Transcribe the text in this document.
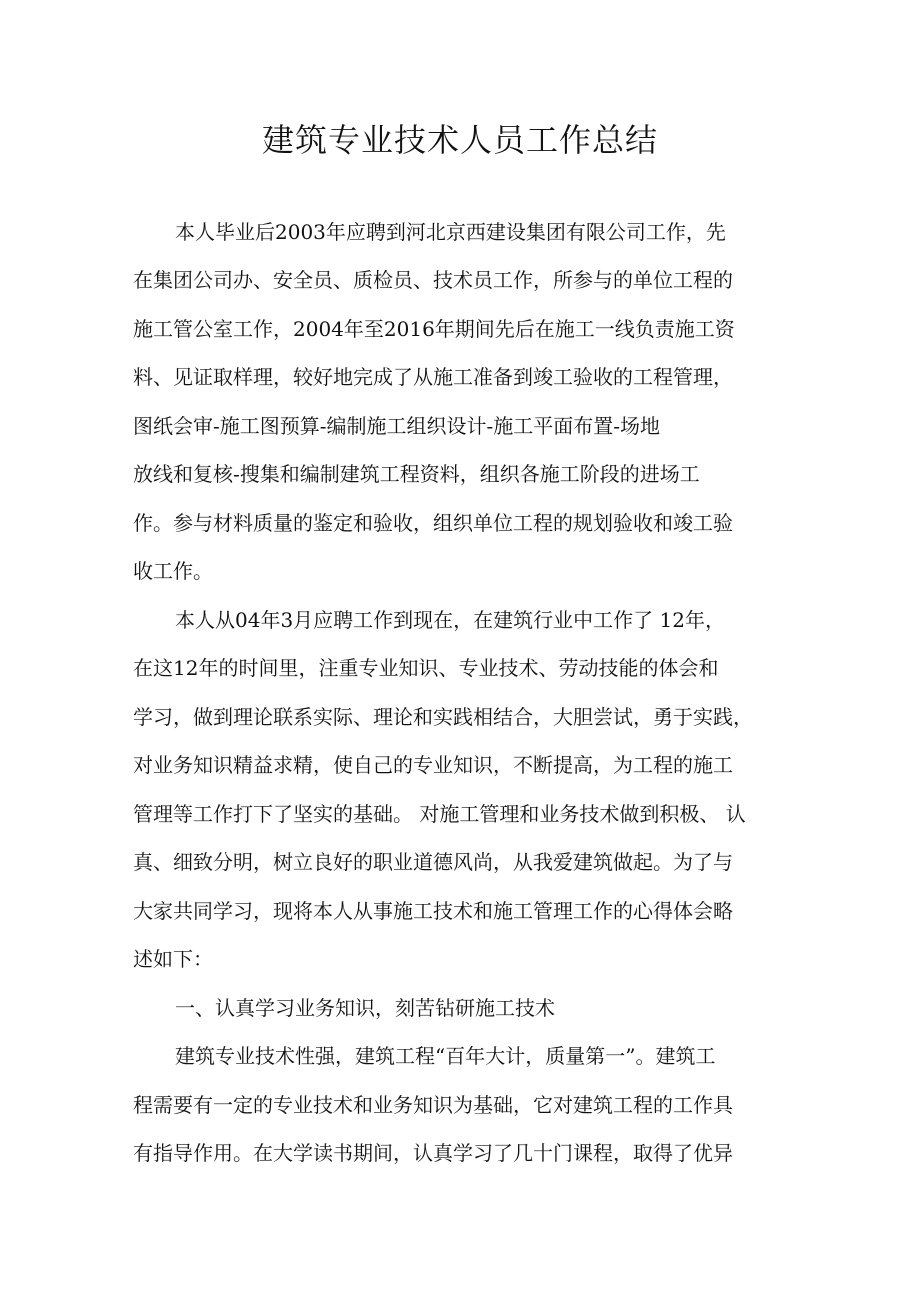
建筑专业技术人员工作总结
本人毕业后2003年应聘到河北京西建设集团有限公司工作，先
在集团公司办、安全员、质检员、技术员工作，所参与的单位工程的
施工管公室工作，2004年至2016年期间先后在施工一线负责施工资
料、见证取样理，较好地完成了从施工准备到竣工验收的工程管理，
图纸会审-施工图预算-编制施工组织设计-施工平面布置-场地
放线和复核-搜集和编制建筑工程资料，组织各施工阶段的进场工
作。参与材料质量的鉴定和验收，组织单位工程的规划验收和竣工验
收工作。
本人从04年3月应聘工作到现在，在建筑行业中工作了 12年，
在这12年的时间里，注重专业知识、专业技术、劳动技能的体会和
学习，做到理论联系实际、理论和实践相结合，大胆尝试，勇于实践，
对业务知识精益求精，使自己的专业知识，不断提高，为工程的施工
管理等工作打下了坚实的基础。 对施工管理和业务技术做到积极、 认
真、细致分明，树立良好的职业道德风尚，从我爱建筑做起。为了与
大家共同学习，现将本人从事施工技术和施工管理工作的心得体会略
述如下：
一、认真学习业务知识，刻苦钻研施工技术
建筑专业技术性强，建筑工程“百年大计，质量第一”。建筑工
程需要有一定的专业技术和业务知识为基础，它对建筑工程的工作具
有指导作用。在大学读书期间，认真学习了几十门课程，取得了优异
